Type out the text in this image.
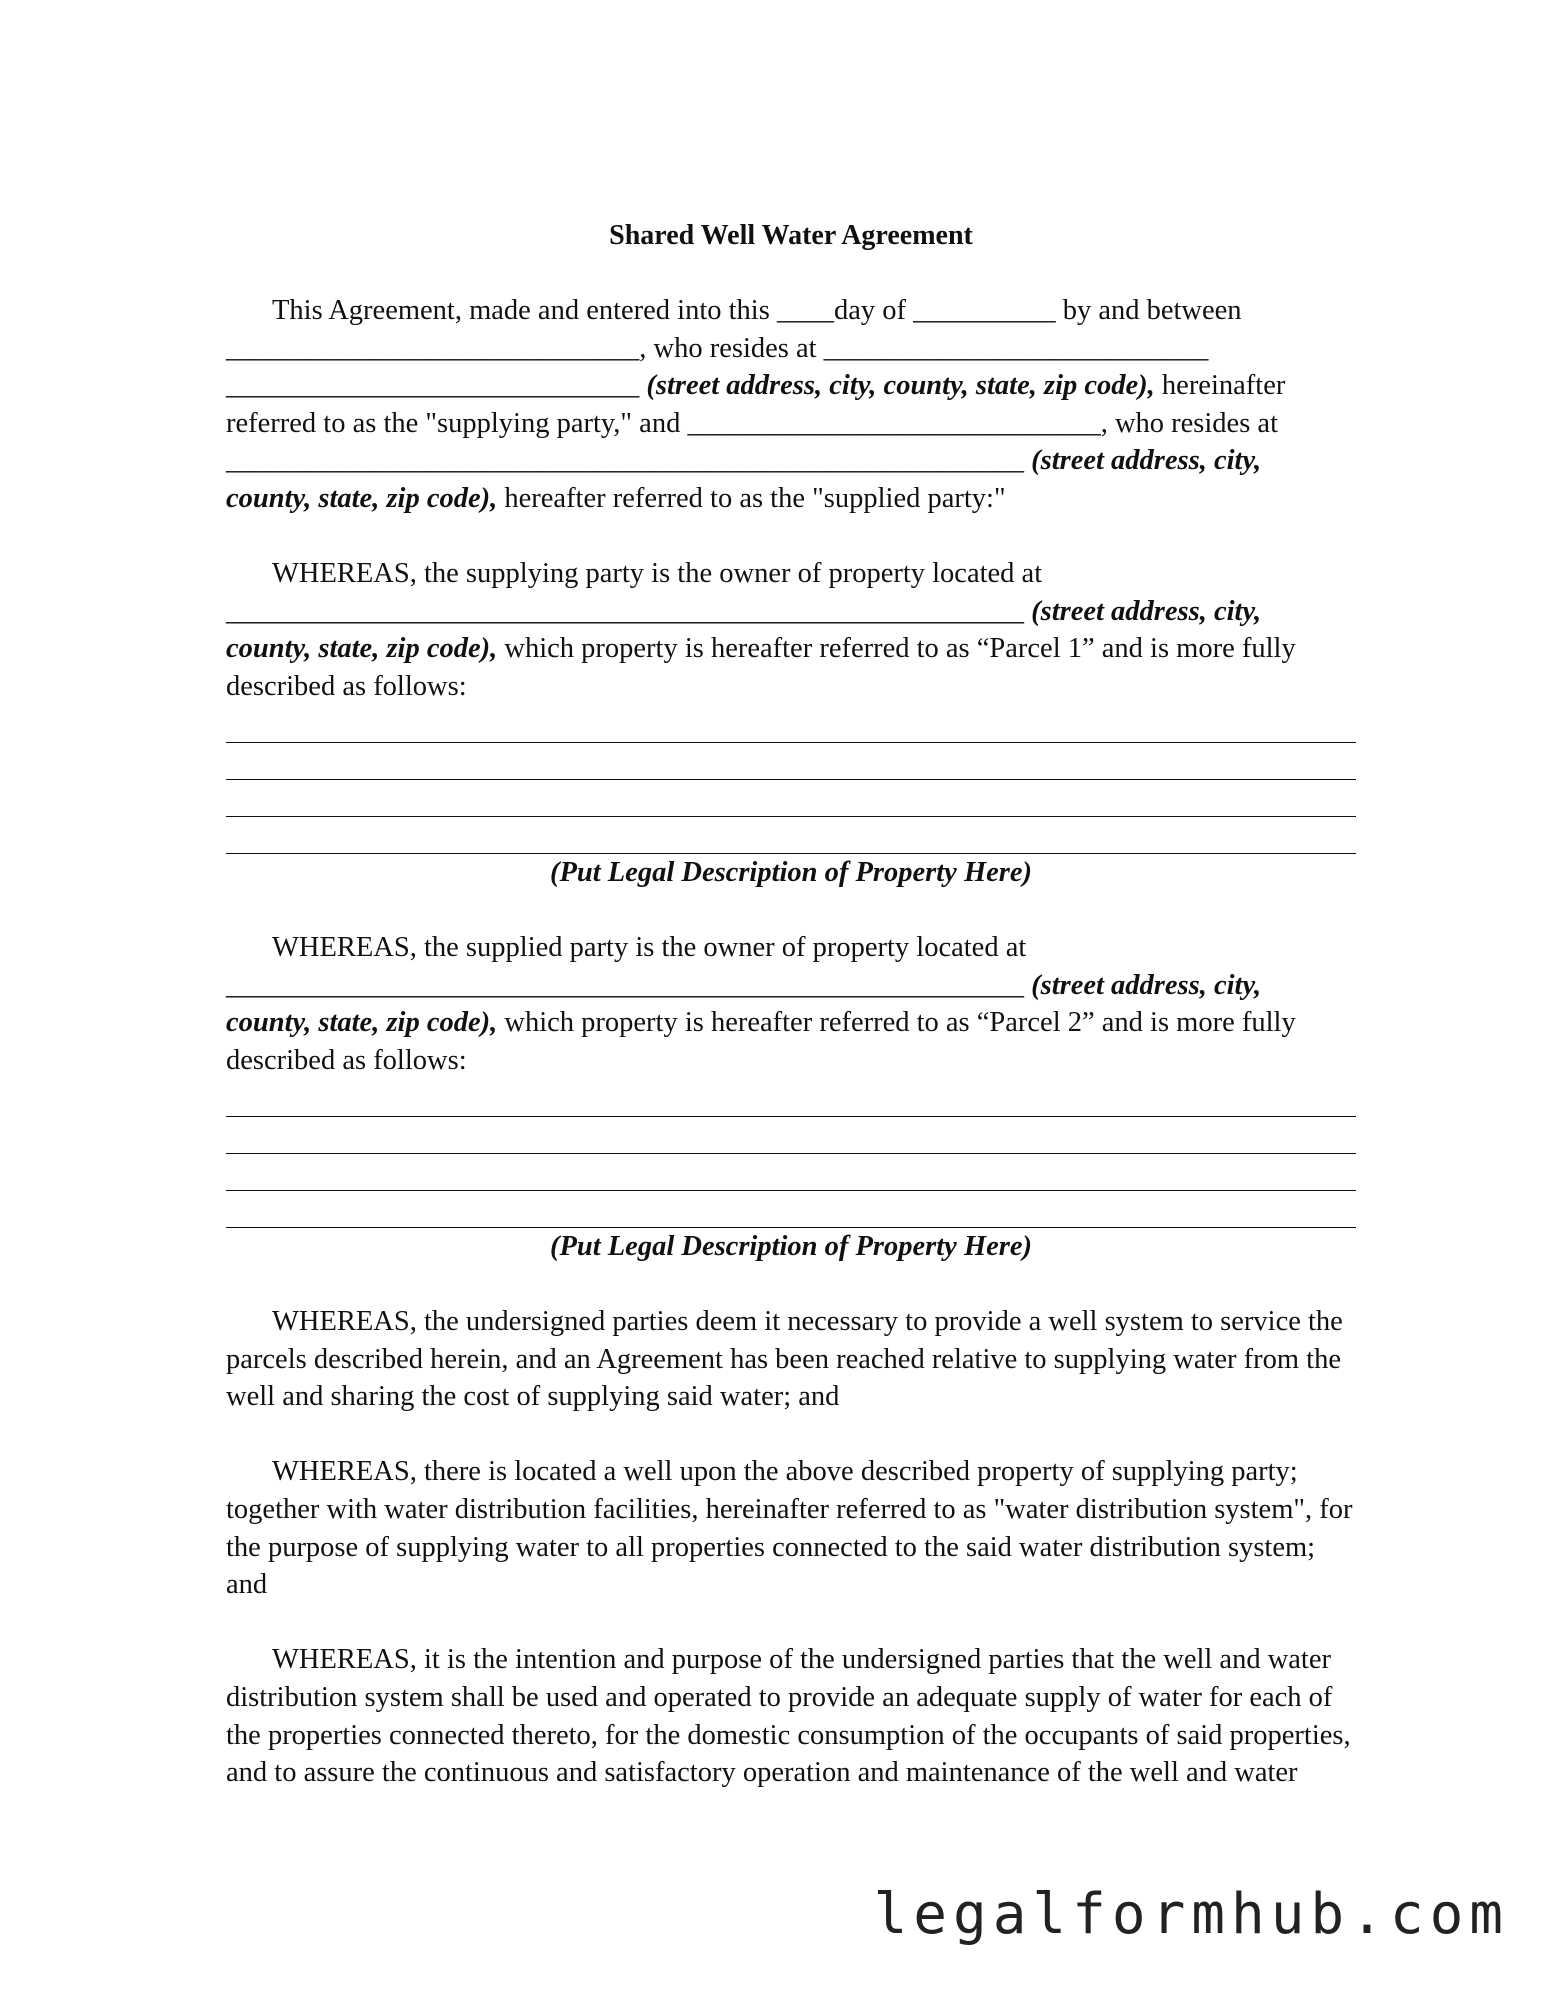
Shared Well Water Agreement

This Agreement, made and entered into this ____day of __________ by and between

_____________________________, who resides at ___________________________

_____________________________ (street address, city, county, state, zip code), hereinafter

referred to as the "supplying party," and _____________________________, who resides at

________________________________________________________ (street address, city,

county, state, zip code), hereafter referred to as the "supplied party:"

WHEREAS, the supplying party is the owner of property located at

________________________________________________________ (street address, city,

county, state, zip code), which property is hereafter referred to as “Parcel 1” and is more fully

described as follows:

(Put Legal Description of Property Here)

WHEREAS, the supplied party is the owner of property located at

________________________________________________________ (street address, city,

county, state, zip code), which property is hereafter referred to as “Parcel 2” and is more fully

described as follows:

(Put Legal Description of Property Here)

WHEREAS, the undersigned parties deem it necessary to provide a well system to service the

parcels described herein, and an Agreement has been reached relative to supplying water from the

well and sharing the cost of supplying said water; and

WHEREAS, there is located a well upon the above described property of supplying party;

together with water distribution facilities, hereinafter referred to as "water distribution system", for

the purpose of supplying water to all properties connected to the said water distribution system; and

WHEREAS, it is the intention and purpose of the undersigned parties that the well and water

distribution system shall be used and operated to provide an adequate supply of water for each of

the properties connected thereto, for the domestic consumption of the occupants of said properties,

and to assure the continuous and satisfactory operation and maintenance of the well and water

legalformhub.com
